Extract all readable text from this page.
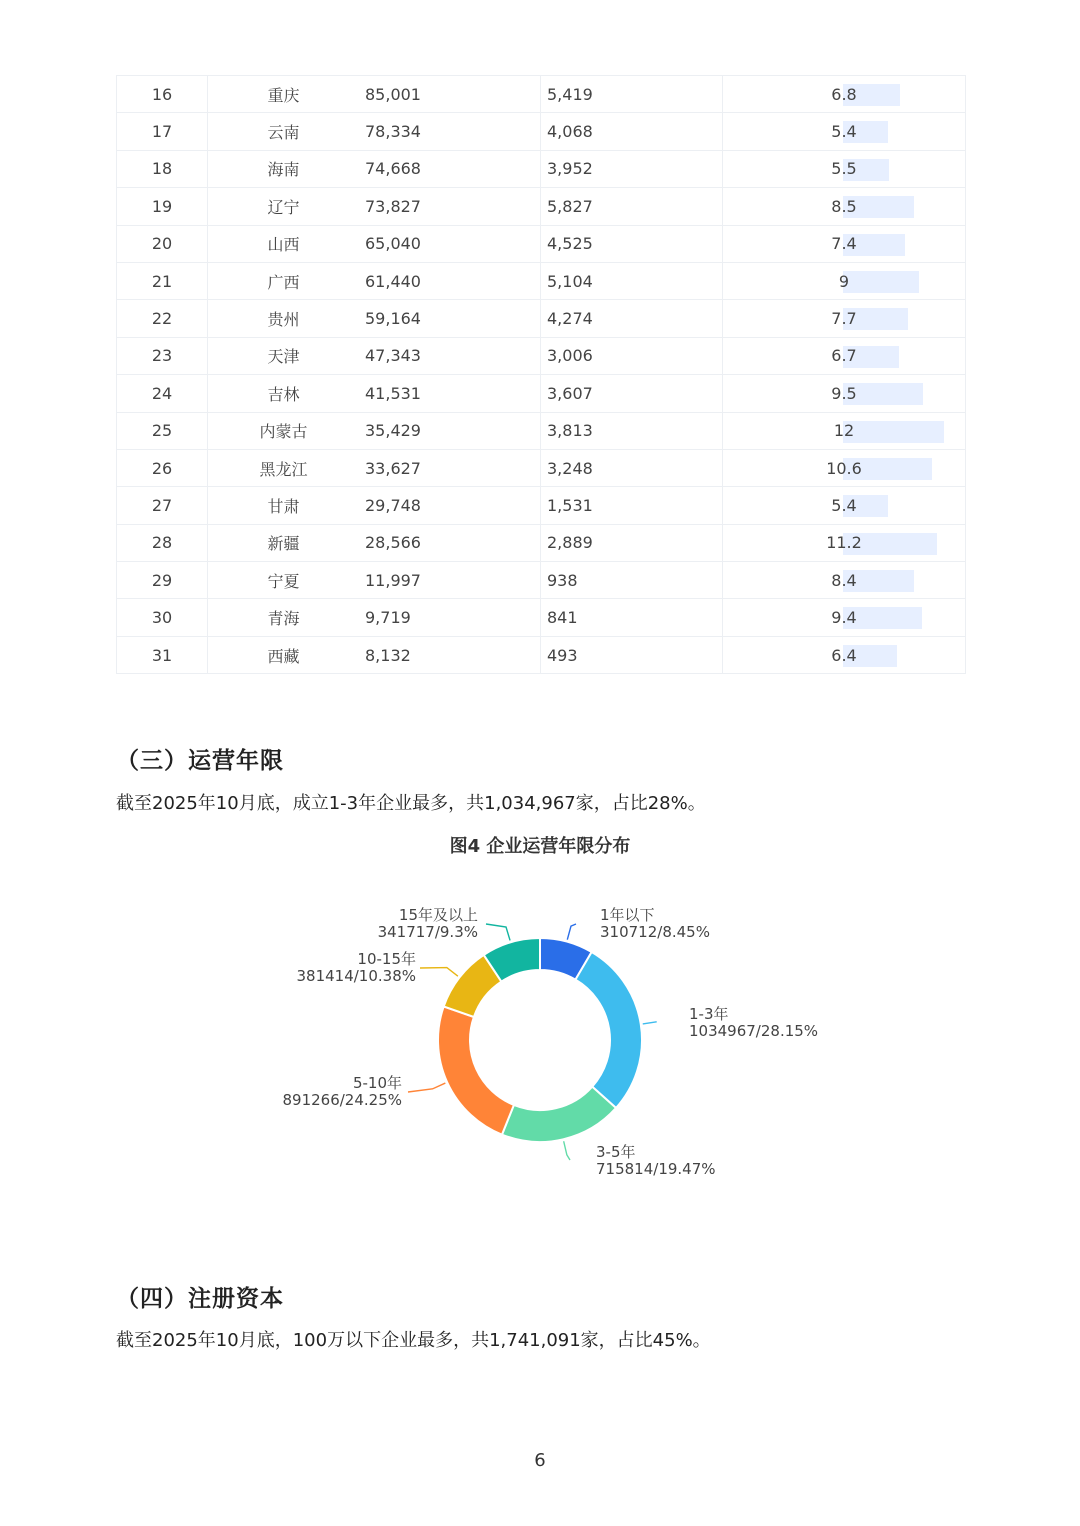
16	重庆	85,001	5,419	6.8
17	云南	78,334	4,068	5.4
18	海南	74,668	3,952	5.5
19	辽宁	73,827	5,827	8.5
20	山西	65,040	4,525	7.4
21	广西	61,440	5,104	9
22	贵州	59,164	4,274	7.7
23	天津	47,343	3,006	6.7
24	吉林	41,531	3,607	9.5
25	内蒙古	35,429	3,813	12
26	黑龙江	33,627	3,248	10.6
27	甘肃	29,748	1,531	5.4
28	新疆	28,566	2,889	11.2
29	宁夏	11,997	938	8.4
30	青海	9,719	841	9.4
31	西藏	8,132	493	6.4
（三）运营年限
截至2025年10月底，成立1-3年企业最多，共1,034,967家，占比28%。
图4 企业运营年限分布
1年以下
310712/8.45%
1-3年
1034967/28.15%
3-5年
715814/19.47%
5-10年
891266/24.25%
10-15年
381414/10.38%
15年及以上
341717/9.3%
（四）注册资本
截至2025年10月底，100万以下企业最多，共1,741,091家，占比45%。
6
